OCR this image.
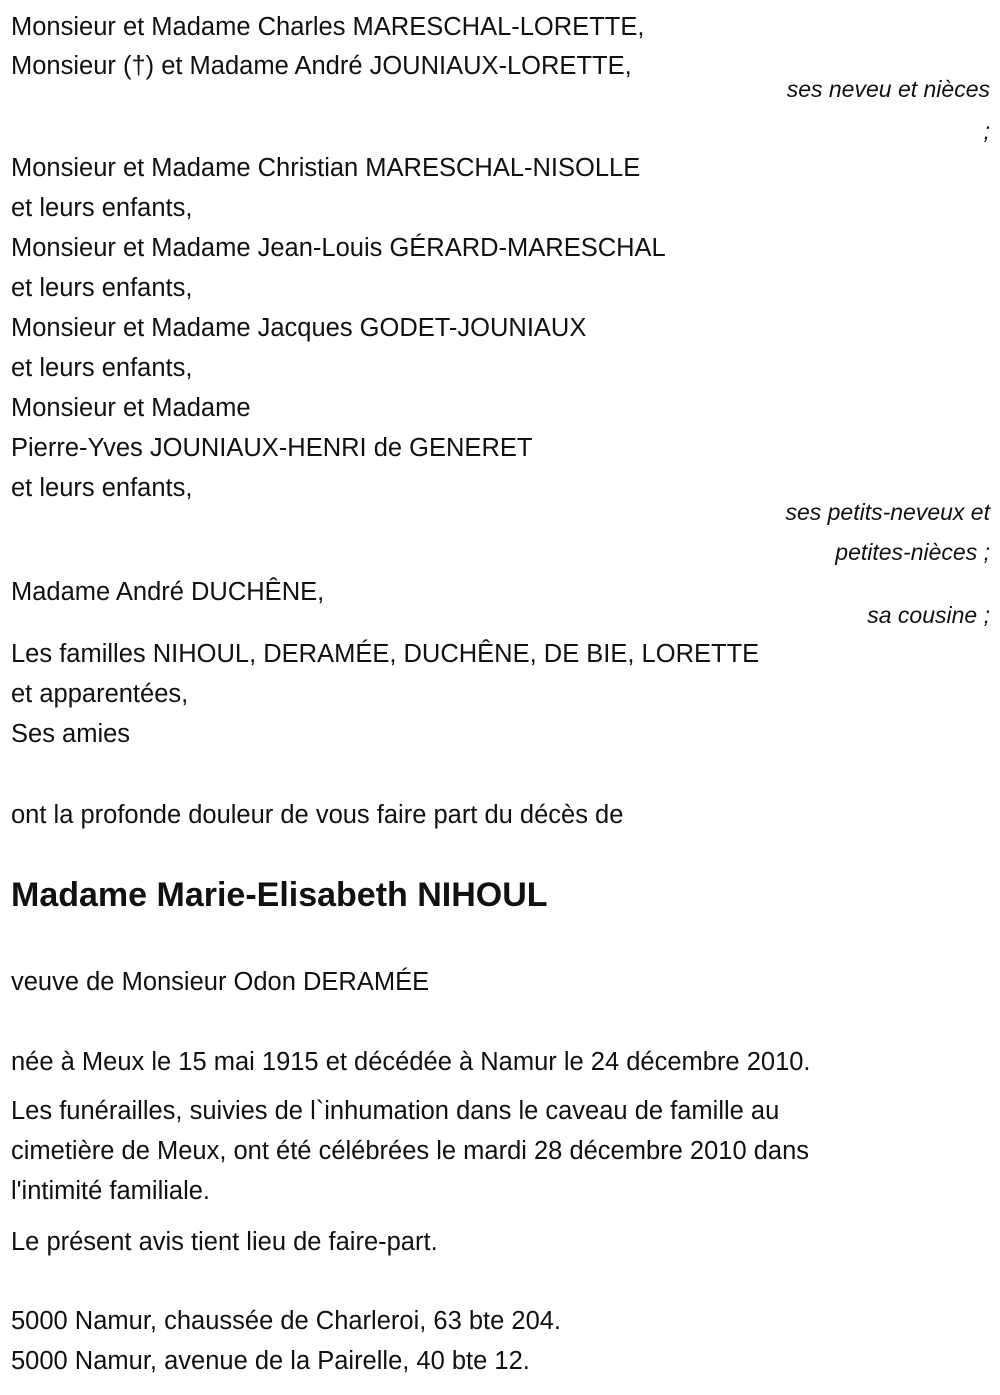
Monsieur et Madame Charles MARESCHAL-LORETTE,
Monsieur (†) et Madame André JOUNIAUX-LORETTE,
ses neveu et nièces
;
Monsieur et Madame Christian MARESCHAL-NISOLLE
et leurs enfants,
Monsieur et Madame Jean-Louis GÉRARD-MARESCHAL
et leurs enfants,
Monsieur et Madame Jacques GODET-JOUNIAUX
et leurs enfants,
Monsieur et Madame
Pierre-Yves JOUNIAUX-HENRI de GENERET
et leurs enfants,
ses petits-neveux et
petites-nièces ;
Madame André DUCHÊNE,
sa cousine ;
Les familles NIHOUL, DERAMÉE, DUCHÊNE, DE BIE, LORETTE
et apparentées,
Ses amies
ont la profonde douleur de vous faire part du décès de
Madame Marie-Elisabeth NIHOUL
veuve de Monsieur Odon DERAMÉE
née à Meux le 15 mai 1915 et décédée à Namur le 24 décembre 2010.
Les funérailles, suivies de l`inhumation dans le caveau de famille au
cimetière de Meux, ont été célébrées le mardi 28 décembre 2010 dans
l'intimité familiale.
Le présent avis tient lieu de faire-part.
5000 Namur, chaussée de Charleroi, 63 bte 204.
5000 Namur, avenue de la Pairelle, 40 bte 12.
